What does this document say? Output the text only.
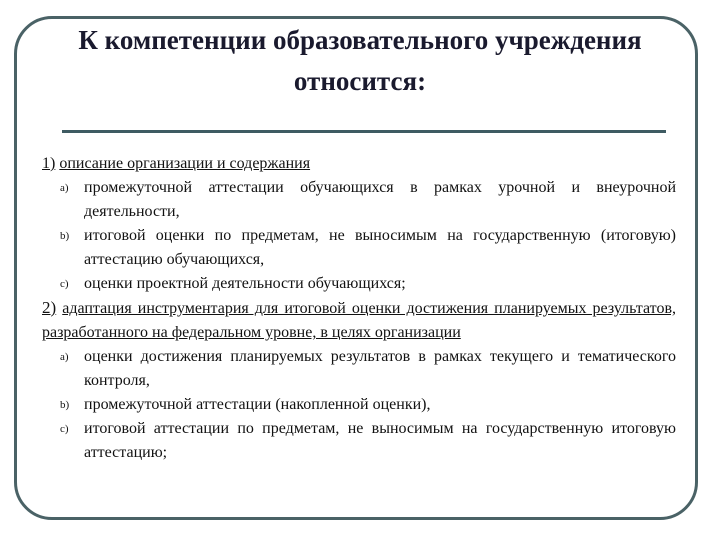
К компетенции образовательного учреждения относится:

1) описание организации и содержания

a) промежуточной аттестации обучающихся в рамках урочной и внеурочной деятельности,

b) итоговой оценки по предметам, не выносимым на государственную (итоговую) аттестацию обучающихся,

c) оценки проектной деятельности обучающихся;

2) адаптация инструментария для итоговой оценки достижения планируемых результатов, разработанного на федеральном уровне, в целях организации

a) оценки достижения планируемых результатов в рамках текущего и тематического контроля,

b) промежуточной аттестации (накопленной оценки),

c) итоговой аттестации по предметам, не выносимым на государственную итоговую аттестацию;
